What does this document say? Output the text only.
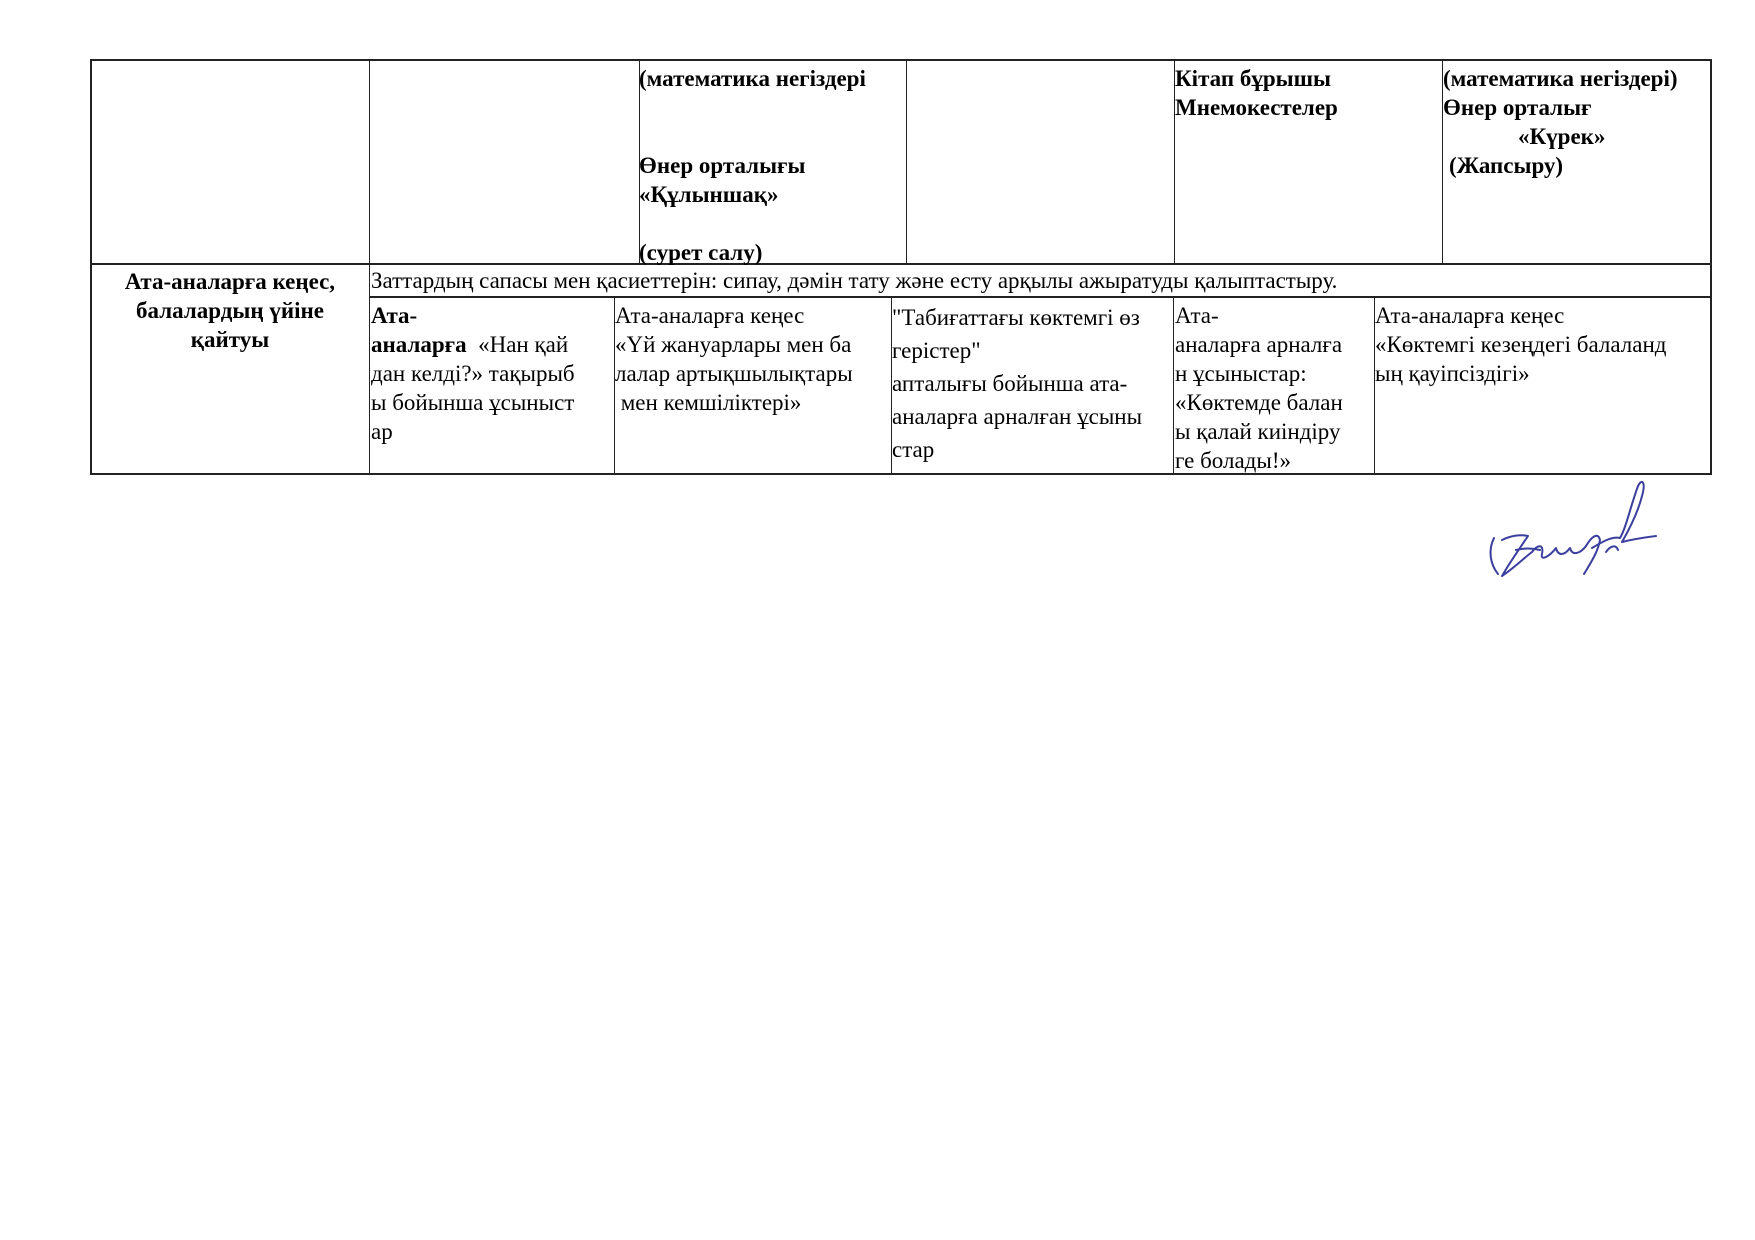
(математика негіздері
Өнер орталығы
«Құлыншақ»
(сурет салу)
Кітап бұрышы
Мнемокестелер
(математика негіздері)
Өнер орталығ
«Күрек»
(Жапсыру)
Ата-аналарға кеңес,
балалардың үйіне
қайтуы
Заттардың сапасы мен қасиеттерін: сипау, дәмін тату және есту арқылы ажыратуды қалыптастыру.
Ата-
аналарға  «Нан қай
дан келді?» тақырыб
ы бойынша ұсыныст
ар
Ата-аналарға кеңес
«Үй жануарлары мен ба
лалар артықшылықтары
мен кемшіліктері»
"Табиғаттағы көктемгі өз
герістер"
апталығы бойынша ата-
аналарға арналған ұсыны
стар
Ата-
аналарға арналға
н ұсыныстар:
«Көктемде балан
ы қалай киіндіру
ге болады!»
Ата-аналарға кеңес
«Көктемгі кезеңдегі балаланд
ың қауіпсіздігі»
